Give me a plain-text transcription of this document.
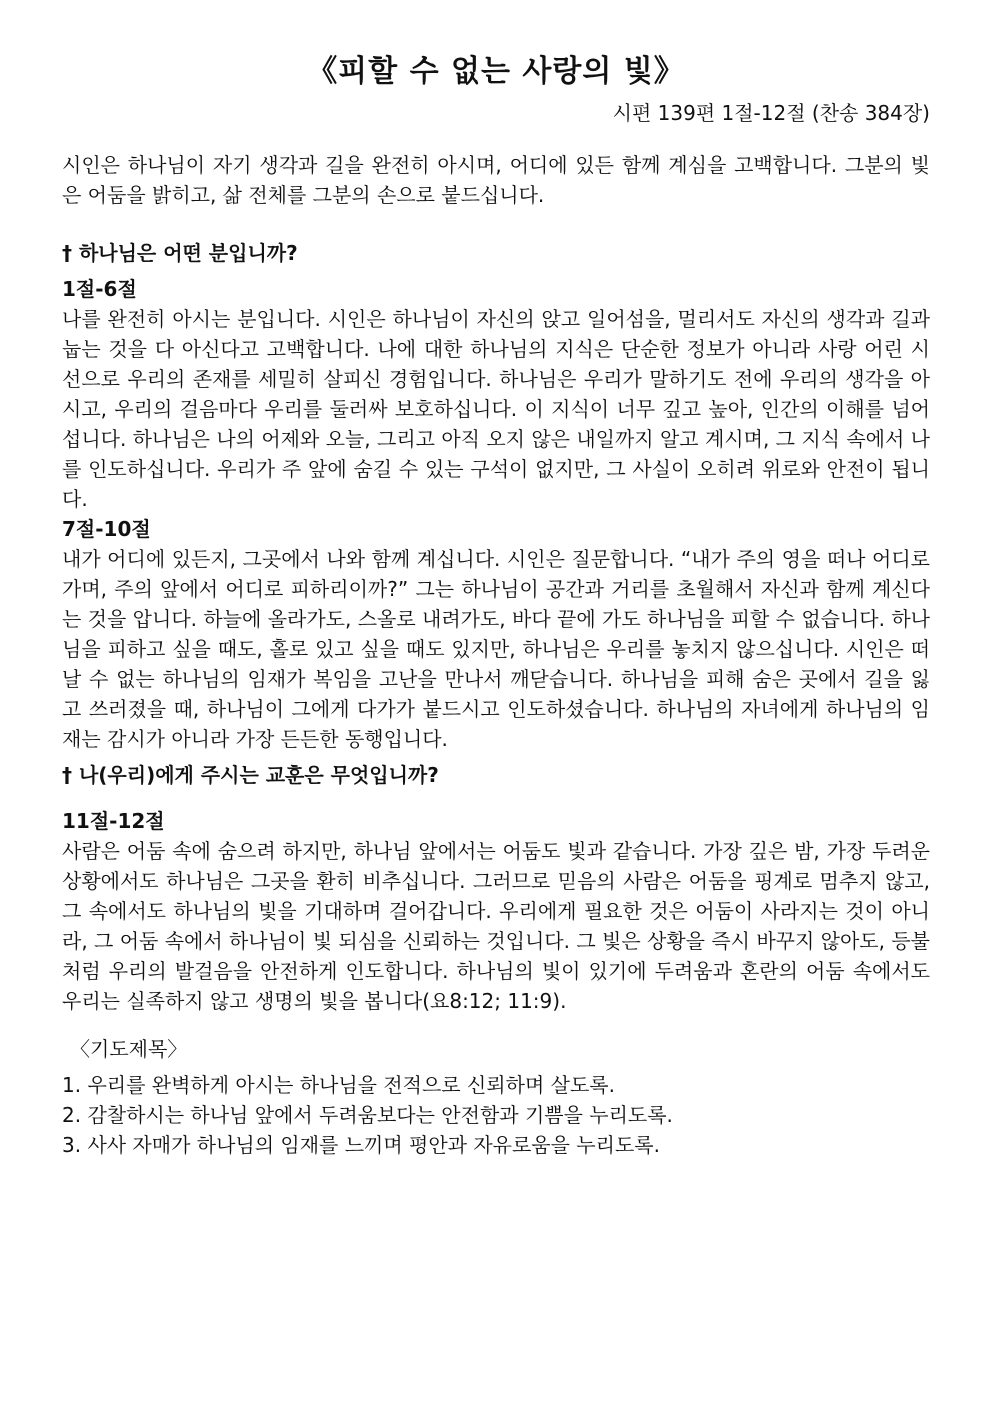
《피할 수 없는 사랑의 빛》

시편 139편 1절-12절 (찬송 384장)

시인은 하나님이 자기 생각과 길을 완전히 아시며, 어디에 있든 함께 계심을 고백합니다. 그분의 빛은 어둠을 밝히고, 삶 전체를 그분의 손으로 붙드십니다.

† 하나님은 어떤 분입니까?

1절-6절

나를 완전히 아시는 분입니다. 시인은 하나님이 자신의 앉고 일어섬을, 멀리서도 자신의 생각과 길과 눕는 것을 다 아신다고 고백합니다. 나에 대한 하나님의 지식은 단순한 정보가 아니라 사랑 어린 시선으로 우리의 존재를 세밀히 살피신 경험입니다. 하나님은 우리가 말하기도 전에 우리의 생각을 아시고, 우리의 걸음마다 우리를 둘러싸 보호하십니다. 이 지식이 너무 깊고 높아, 인간의 이해를 넘어섭니다. 하나님은 나의 어제와 오늘, 그리고 아직 오지 않은 내일까지 알고 계시며, 그 지식 속에서 나를 인도하십니다. 우리가 주 앞에 숨길 수 있는 구석이 없지만, 그 사실이 오히려 위로와 안전이 됩니다.

7절-10절

내가 어디에 있든지, 그곳에서 나와 함께 계십니다. 시인은 질문합니다. “내가 주의 영을 떠나 어디로 가며, 주의 앞에서 어디로 피하리이까?” 그는 하나님이 공간과 거리를 초월해서 자신과 함께 계신다는 것을 압니다. 하늘에 올라가도, 스올로 내려가도, 바다 끝에 가도 하나님을 피할 수 없습니다. 하나님을 피하고 싶을 때도, 홀로 있고 싶을 때도 있지만, 하나님은 우리를 놓치지 않으십니다. 시인은 떠날 수 없는 하나님의 임재가 복임을 고난을 만나서 깨닫습니다. 하나님을 피해 숨은 곳에서 길을 잃고 쓰러졌을 때, 하나님이 그에게 다가가 붙드시고 인도하셨습니다. 하나님의 자녀에게 하나님의 임재는 감시가 아니라 가장 든든한 동행입니다.

† 나(우리)에게 주시는 교훈은 무엇입니까?

11절-12절

사람은 어둠 속에 숨으려 하지만, 하나님 앞에서는 어둠도 빛과 같습니다. 가장 깊은 밤, 가장 두려운 상황에서도 하나님은 그곳을 환히 비추십니다. 그러므로 믿음의 사람은 어둠을 핑계로 멈추지 않고, 그 속에서도 하나님의 빛을 기대하며 걸어갑니다. 우리에게 필요한 것은 어둠이 사라지는 것이 아니라, 그 어둠 속에서 하나님이 빛 되심을 신뢰하는 것입니다. 그 빛은 상황을 즉시 바꾸지 않아도, 등불처럼 우리의 발걸음을 안전하게 인도합니다. 하나님의 빛이 있기에 두려움과 혼란의 어둠 속에서도 우리는 실족하지 않고 생명의 빛을 봅니다(요8:12; 11:9).

〈기도제목〉

1. 우리를 완벽하게 아시는 하나님을 전적으로 신뢰하며 살도록.
2. 감찰하시는 하나님 앞에서 두려움보다는 안전함과 기쁨을 누리도록.
3. 사사 자매가 하나님의 임재를 느끼며 평안과 자유로움을 누리도록.
